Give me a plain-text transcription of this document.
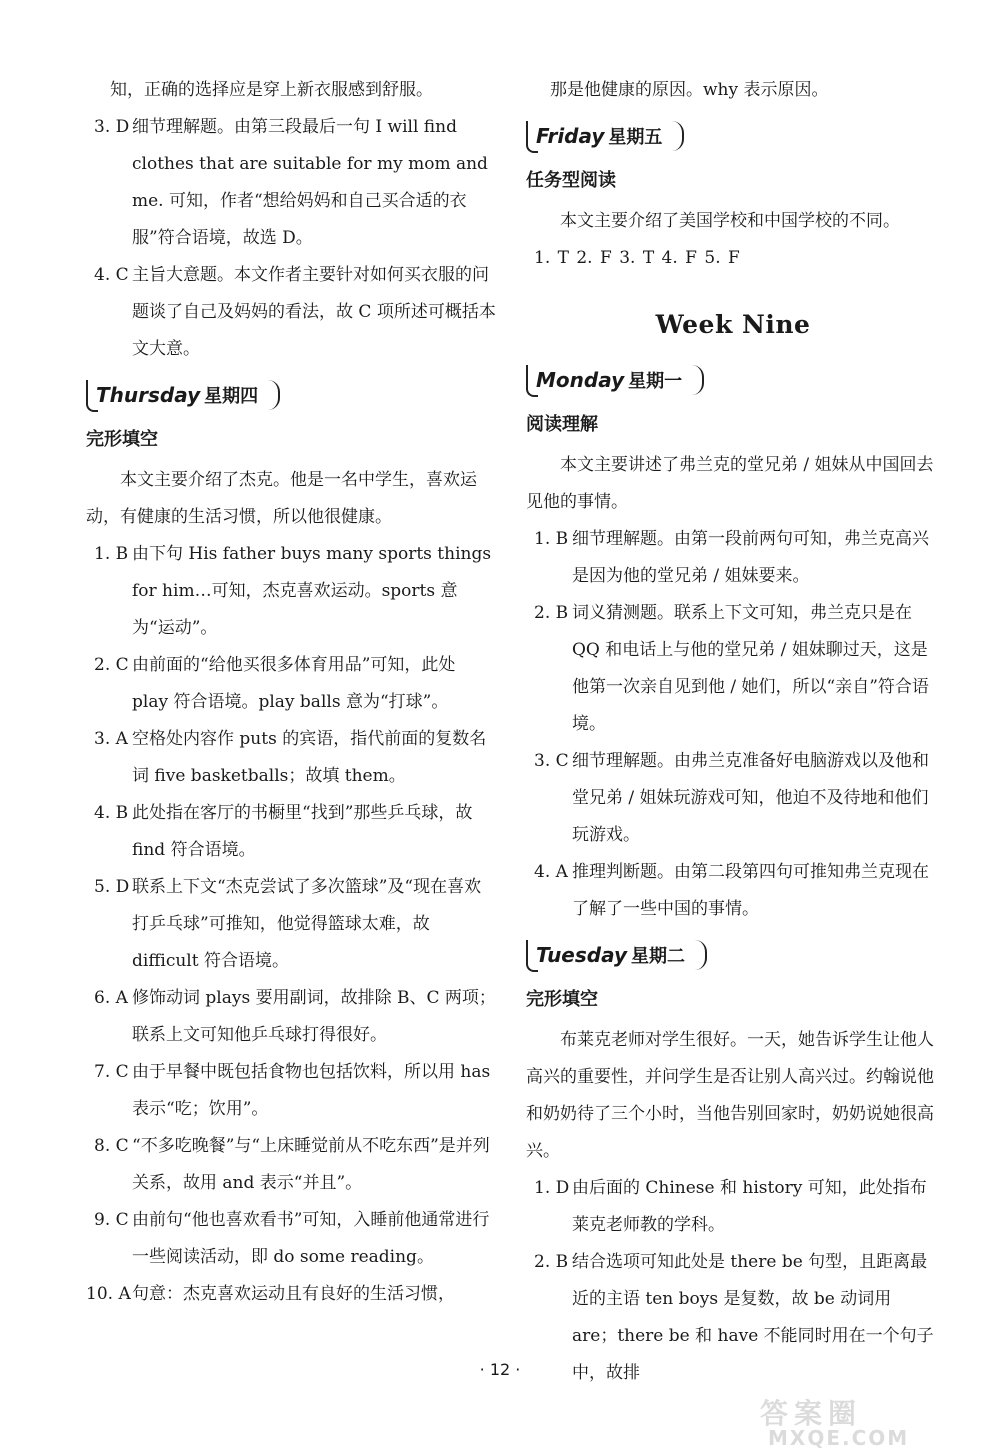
知，正确的选择应是穿上新衣服感到舒服。

3. D 细节理解题。由第三段最后一句 I will find clothes that are suitable for my mom and me. 可知，作者“想给妈妈和自己买合适的衣服”符合语境，故选 D。
4. C 主旨大意题。本文作者主要针对如何买衣服的问题谈了自己及妈妈的看法，故 C 项所述可概括本文大意。
Thursday 星期四
完形填空

本文主要介绍了杰克。他是一名中学生，喜欢运动，有健康的生活习惯，所以他很健康。

1. B 由下句 His father buys many sports things for him…可知，杰克喜欢运动。sports 意为“运动”。
2. C 由前面的“给他买很多体育用品”可知，此处 play 符合语境。play balls 意为“打球”。
3. A 空格处内容作 puts 的宾语，指代前面的复数名词 five basketballs；故填 them。
4. B 此处指在客厅的书橱里“找到”那些乒乓球，故 find 符合语境。
5. D 联系上下文“杰克尝试了多次篮球”及“现在喜欢打乒乓球”可推知，他觉得篮球太难，故 difficult 符合语境。
6. A 修饰动词 plays 要用副词，故排除 B、C 两项；联系上文可知他乒乓球打得很好。
7. C 由于早餐中既包括食物也包括饮料，所以用 has 表示“吃；饮用”。
8. C “不多吃晚餐”与“上床睡觉前从不吃东西”是并列关系，故用 and 表示“并且”。
9. C 由前句“他也喜欢看书”可知，入睡前他通常进行一些阅读活动，即 do some reading。
10. A 句意：杰克喜欢运动且有良好的生活习惯，

那是他健康的原因。why 表示原因。

Friday 星期五
任务型阅读

本文主要介绍了美国学校和中国学校的不同。

1. T 2. F 3. T 4. F 5. F

Week Nine
Monday 星期一
阅读理解

本文主要讲述了弗兰克的堂兄弟 / 姐妹从中国回去见他的事情。

1. B 细节理解题。由第一段前两句可知，弗兰克高兴是因为他的堂兄弟 / 姐妹要来。
2. B 词义猜测题。联系上下文可知，弗兰克只是在 QQ 和电话上与他的堂兄弟 / 姐妹聊过天，这是他第一次亲自见到他 / 她们，所以“亲自”符合语境。
3. C 细节理解题。由弗兰克准备好电脑游戏以及他和堂兄弟 / 姐妹玩游戏可知，他迫不及待地和他们玩游戏。
4. A 推理判断题。由第二段第四句可推知弗兰克现在了解了一些中国的事情。
Tuesday 星期二
完形填空

布莱克老师对学生很好。一天，她告诉学生让他人高兴的重要性，并问学生是否让别人高兴过。约翰说他和奶奶待了三个小时，当他告别回家时，奶奶说她很高兴。

1. D 由后面的 Chinese 和 history 可知，此处指布莱克老师教的学科。
2. B 结合选项可知此处是 there be 句型，且距离最近的主语 ten boys 是复数，故 be 动词用 are；there be 和 have 不能同时用在一个句子中，故排
· 12 ·
答案圈
MXQE.COM
